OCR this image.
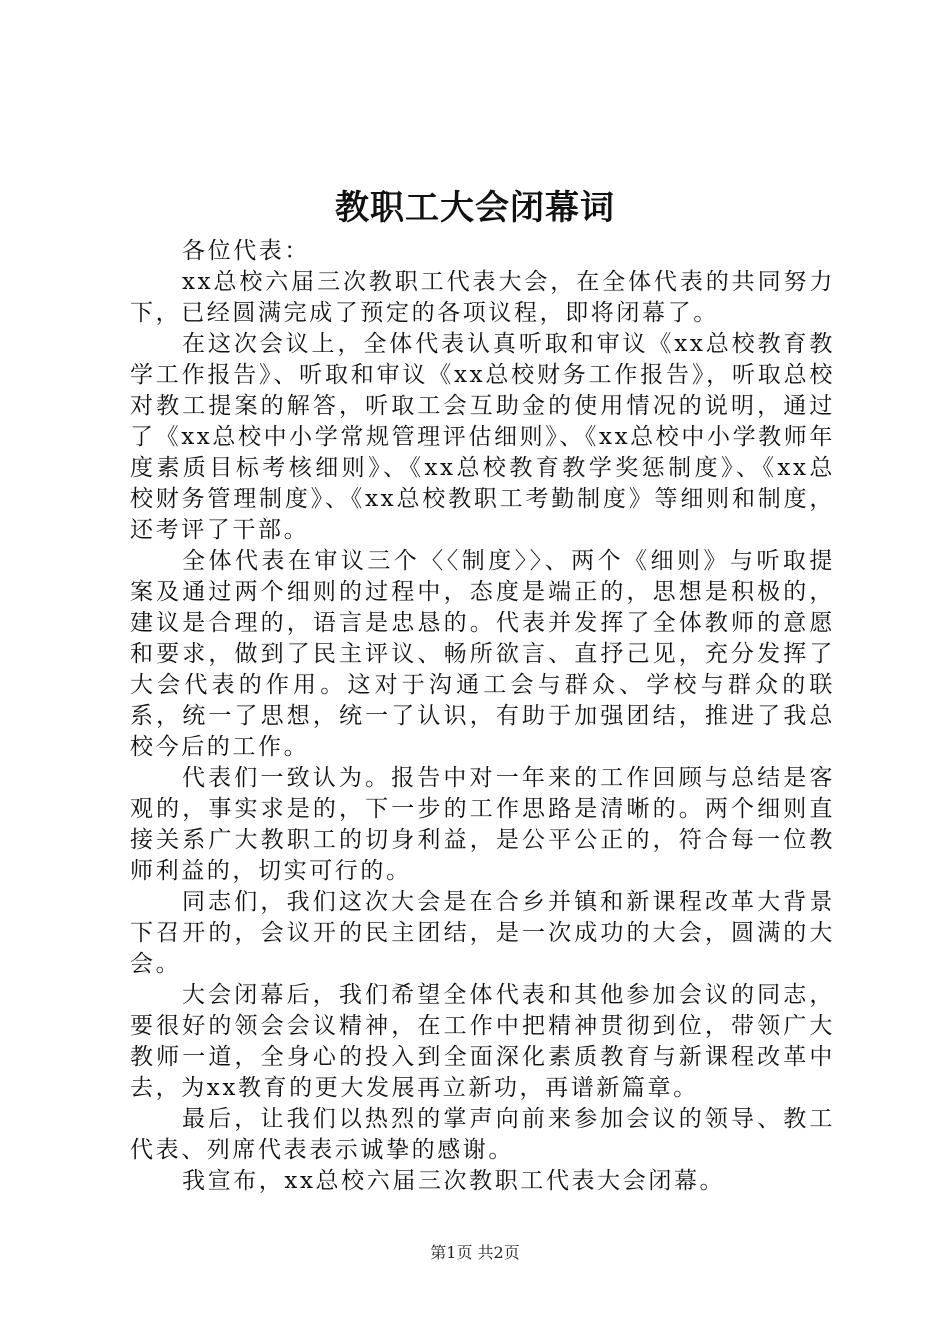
教职工大会闭幕词

各位代表：

xx总校六届三次教职工代表大会，在全体代表的共同努力下，已经圆满完成了预定的各项议程，即将闭幕了。

在这次会议上，全体代表认真听取和审议《xx总校教育教学工作报告》、听取和审议《xx总校财务工作报告》，听取总校对教工提案的解答，听取工会互助金的使用情况的说明，通过了《xx总校中小学常规管理评估细则》、《xx总校中小学教师年度素质目标考核细则》、《xx总校教育教学奖惩制度》、《xx总校财务管理制度》、《xx总校教职工考勤制度》等细则和制度，还考评了干部。

全体代表在审议三个〈〈制度〉〉、两个《细则》与听取提案及通过两个细则的过程中，态度是端正的，思想是积极的，建议是合理的，语言是忠恳的。代表并发挥了全体教师的意愿和要求，做到了民主评议、畅所欲言、直抒己见，充分发挥了大会代表的作用。这对于沟通工会与群众、学校与群众的联系，统一了思想，统一了认识，有助于加强团结，推进了我总校今后的工作。

代表们一致认为。报告中对一年来的工作回顾与总结是客观的，事实求是的，下一步的工作思路是清晰的。两个细则直接关系广大教职工的切身利益，是公平公正的，符合每一位教师利益的，切实可行的。

同志们，我们这次大会是在合乡并镇和新课程改革大背景下召开的，会议开的民主团结，是一次成功的大会，圆满的大会。

大会闭幕后，我们希望全体代表和其他参加会议的同志，要很好的领会会议精神，在工作中把精神贯彻到位，带领广大教师一道，全身心的投入到全面深化素质教育与新课程改革中去，为xx教育的更大发展再立新功，再谱新篇章。

最后，让我们以热烈的掌声向前来参加会议的领导、教工代表、列席代表表示诚挚的感谢。

我宣布，xx总校六届三次教职工代表大会闭幕。

第1页 共2页
